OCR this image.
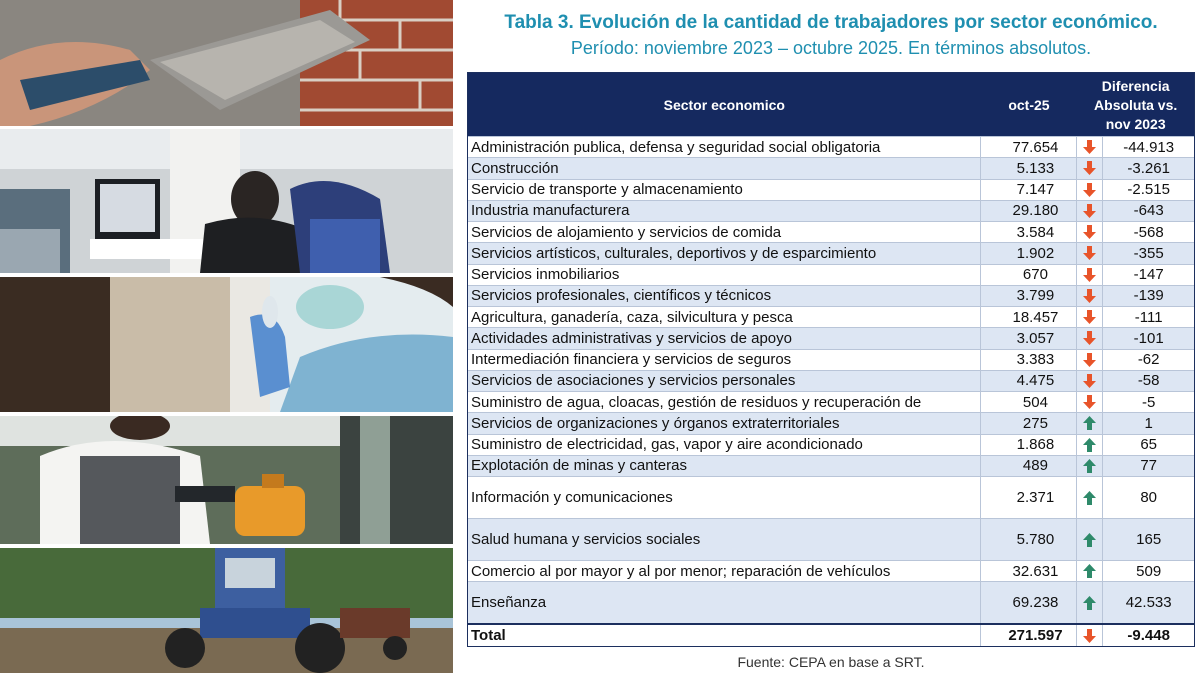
Tabla 3. Evolución de la cantidad de trabajadores por sector económico.
Período: noviembre 2023 – octubre 2025. En términos absolutos.
Sector economico	oct-25
Diferencia
Absoluta vs.
nov 2023
Administración publica, defensa y seguridad social obligatoria	77.654	-44.913
Construcción	5.133	-3.261
Servicio de transporte y almacenamiento	7.147	-2.515
Industria manufacturera	29.180	-643
Servicios de alojamiento y servicios de comida	3.584	-568
Servicios artísticos, culturales, deportivos y de esparcimiento	1.902	-355
Servicios inmobiliarios	670	-147
Servicios profesionales, científicos y técnicos	3.799	-139
Agricultura, ganadería, caza, silvicultura y pesca	18.457	-111
Actividades administrativas y servicios de apoyo	3.057	-101
Intermediación financiera y servicios de seguros	3.383	-62
Servicios de asociaciones y servicios personales	4.475	-58
Suministro de agua, cloacas, gestión de residuos y recuperación de	504	-5
Servicios de organizaciones y órganos extraterritoriales	275	1
Suministro de electricidad, gas, vapor y aire acondicionado	1.868	65
Explotación de minas y canteras	489	77
Información y comunicaciones	2.371	80
Salud humana y servicios sociales	5.780	165
Comercio al por mayor y al por menor; reparación de vehículos	32.631	509
Enseñanza	69.238	42.533
Total	271.597	-9.448
Fuente: CEPA en base a SRT.
